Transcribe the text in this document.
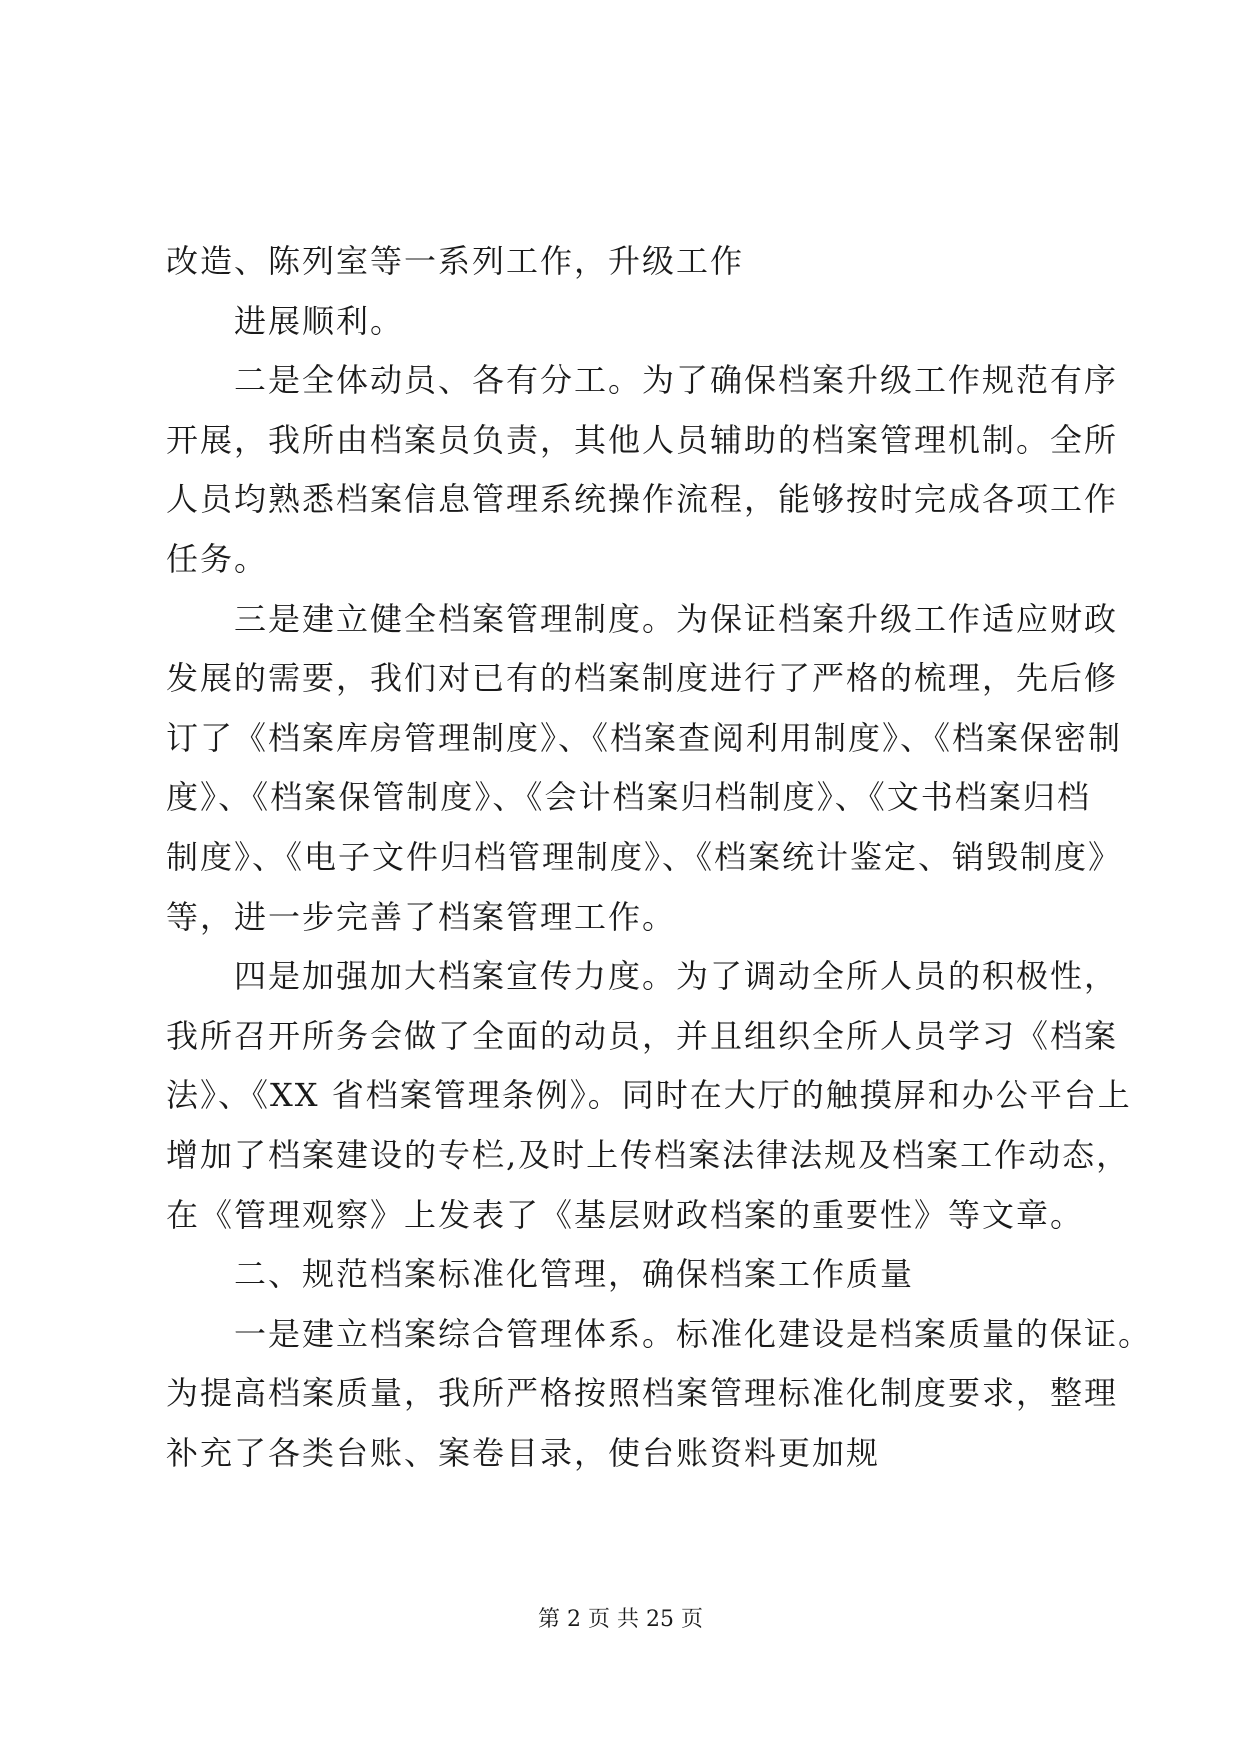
改造、陈列室等一系列工作，升级工作
进展顺利。
二是全体动员、各有分工。为了确保档案升级工作规范有序
开展，我所由档案员负责，其他人员辅助的档案管理机制。全所
人员均熟悉档案信息管理系统操作流程，能够按时完成各项工作
任务。
三是建立健全档案管理制度。为保证档案升级工作适应财政
发展的需要，我们对已有的档案制度进行了严格的梳理，先后修
订了《档案库房管理制度》、《档案查阅利用制度》、《档案保密制
度》、《档案保管制度》、《会计档案归档制度》、《文书档案归档
制度》、《电子文件归档管理制度》、《档案统计鉴定、销毁制度》
等，进一步完善了档案管理工作。
四是加强加大档案宣传力度。为了调动全所人员的积极性，
我所召开所务会做了全面的动员，并且组织全所人员学习《档案
法》、《XX 省档案管理条例》。同时在大厅的触摸屏和办公平台上
增加了档案建设的专栏,及时上传档案法律法规及档案工作动态，
在《管理观察》上发表了《基层财政档案的重要性》等文章。
二、规范档案标准化管理，确保档案工作质量
一是建立档案综合管理体系。标准化建设是档案质量的保证。
为提高档案质量，我所严格按照档案管理标准化制度要求，整理
补充了各类台账、案卷目录，使台账资料更加规
第 2 页 共 25 页
